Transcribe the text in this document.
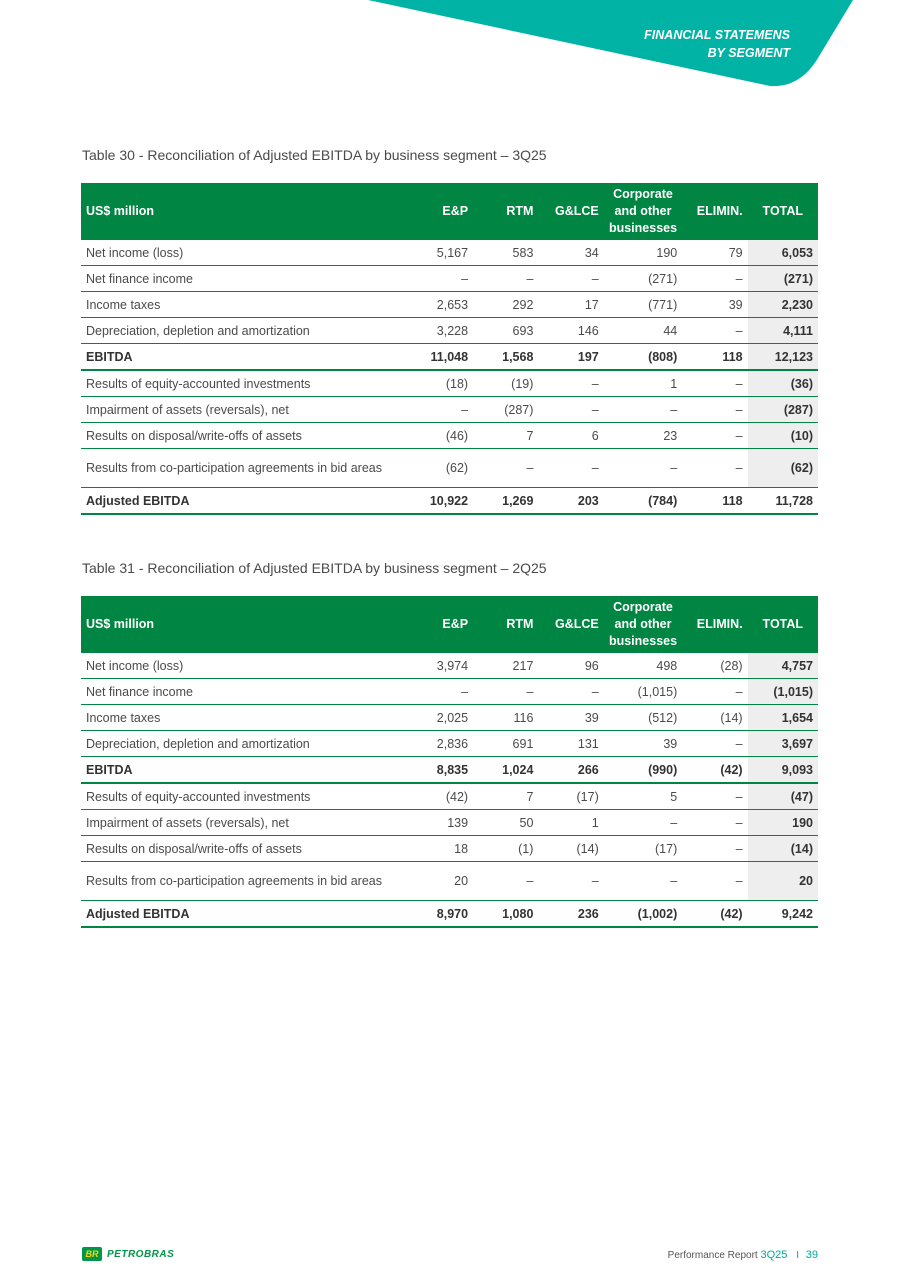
FINANCIAL STATEMENS
BY SEGMENT
Table 30 - Reconciliation of Adjusted EBITDA by business segment – 3Q25
US$ million	E&P	RTM	G&LCE	Corporate and other businesses	ELIMIN.	TOTAL
Net income (loss)	5,167	583	34	190	79	6,053
Net finance income	–	–	–	(271)	–	(271)
Income taxes	2,653	292	17	(771)	39	2,230
Depreciation, depletion and amortization	3,228	693	146	44	–	4,111
EBITDA	11,048	1,568	197	(808)	118	12,123
Results of equity-accounted investments	(18)	(19)	–	1	–	(36)
Impairment of assets (reversals), net	–	(287)	–	–	–	(287)
Results on disposal/write-offs of assets	(46)	7	6	23	–	(10)
Results from co-participation agreements in bid areas	(62)	–	–	–	–	(62)
Adjusted EBITDA	10,922	1,269	203	(784)	118	11,728
Table 31 - Reconciliation of Adjusted EBITDA by business segment – 2Q25
US$ million	E&P	RTM	G&LCE	Corporate and other businesses	ELIMIN.	TOTAL
Net income (loss)	3,974	217	96	498	(28)	4,757
Net finance income	–	–	–	(1,015)	–	(1,015)
Income taxes	2,025	116	39	(512)	(14)	1,654
Depreciation, depletion and amortization	2,836	691	131	39	–	3,697
EBITDA	8,835	1,024	266	(990)	(42)	9,093
Results of equity-accounted investments	(42)	7	(17)	5	–	(47)
Impairment of assets (reversals), net	139	50	1	–	–	190
Results on disposal/write-offs of assets	18	(1)	(14)	(17)	–	(14)
Results from co-participation agreements in bid areas	20	–	–	–	–	20
Adjusted EBITDA	8,970	1,080	236	(1,002)	(42)	9,242
BR PETROBRAS	Performance Report 3Q25 I 39
